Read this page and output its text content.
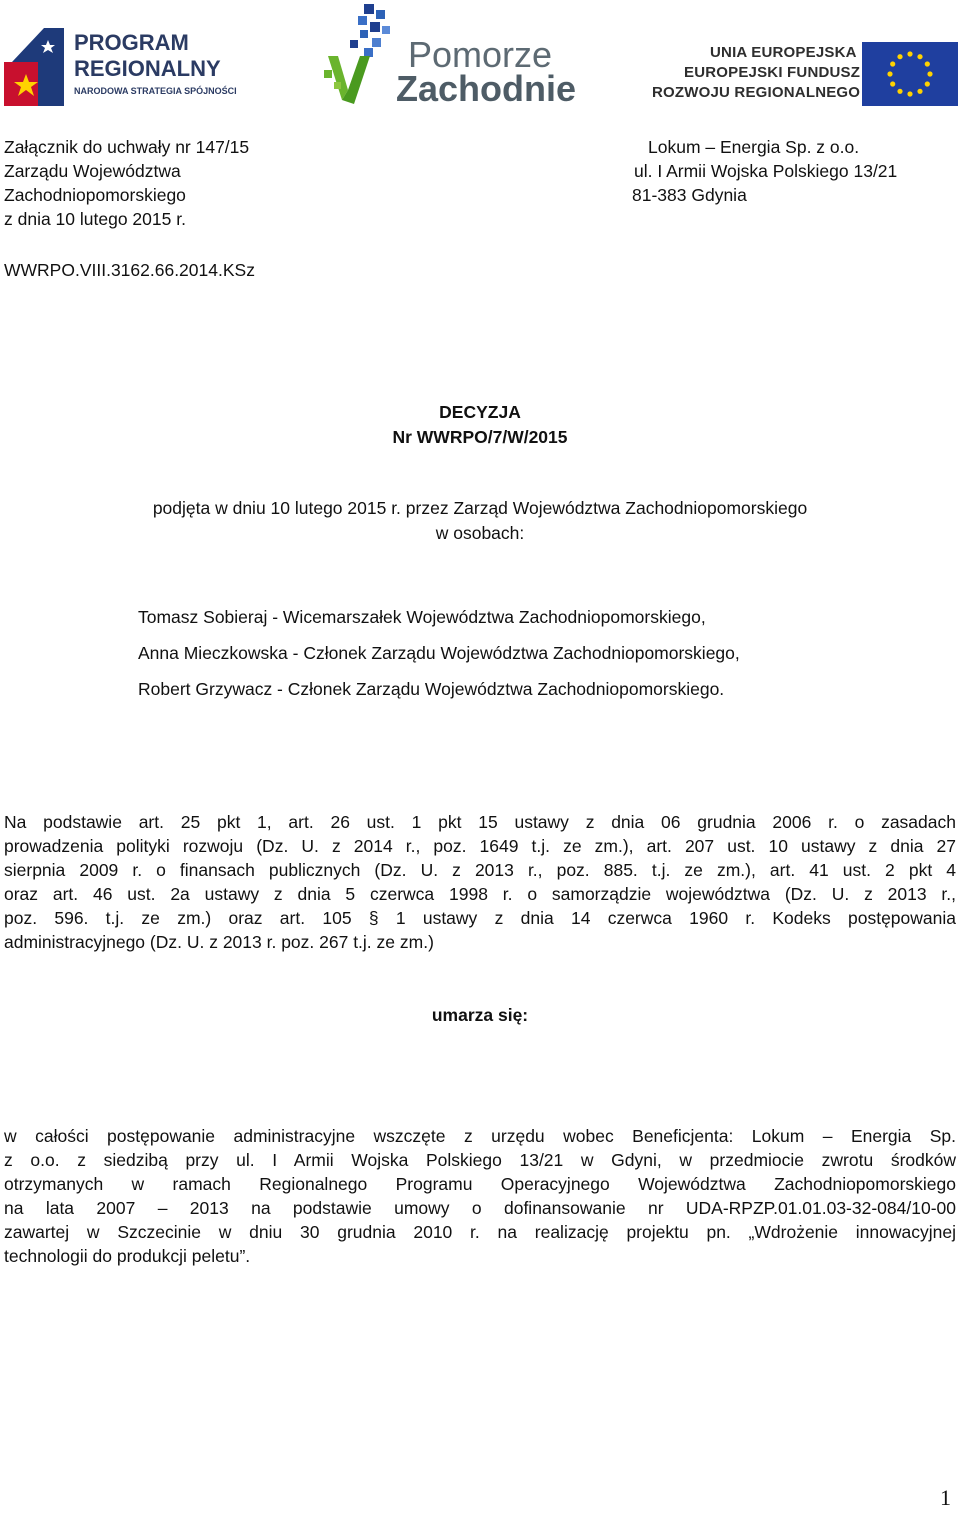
PROGRAM
REGIONALNY
NARODOWA STRATEGIA SPÓJNOŚCI
Pomorze
Zachodnie
UNIA EUROPEJSKA
EUROPEJSKI FUNDUSZ
ROZWOJU REGIONALNEGO
Załącznik do uchwały nr 147/15
Zarządu Województwa
Zachodniopomorskiego
z dnia 10 lutego 2015 r.
Lokum – Energia Sp. z o.o.
ul. I Armii Wojska Polskiego 13/21
81-383 Gdynia
WWRPO.VIII.3162.66.2014.KSz
DECYZJA
Nr WWRPO/7/W/2015
podjęta w dniu 10 lutego 2015 r. przez Zarząd Województwa Zachodniopomorskiego
w osobach:
Tomasz Sobieraj - Wicemarszałek Województwa Zachodniopomorskiego,
Anna Mieczkowska - Członek Zarządu Województwa Zachodniopomorskiego,
Robert Grzywacz - Członek Zarządu Województwa Zachodniopomorskiego.
Na podstawie art. 25 pkt 1, art. 26 ust. 1 pkt 15 ustawy z dnia 06 grudnia 2006 r. o zasadach
prowadzenia polityki rozwoju (Dz. U. z 2014 r., poz. 1649 t.j. ze zm.), art. 207 ust. 10 ustawy z dnia 27
sierpnia 2009 r. o finansach publicznych (Dz. U. z 2013 r., poz. 885. t.j. ze zm.), art. 41 ust. 2 pkt 4
oraz art. 46 ust. 2a ustawy z dnia 5 czerwca 1998 r. o samorządzie województwa (Dz. U. z 2013 r.,
poz. 596. t.j. ze zm.) oraz art. 105 § 1 ustawy z dnia 14 czerwca 1960 r. Kodeks postępowania
administracyjnego (Dz. U. z 2013 r. poz. 267 t.j. ze zm.)
umarza się:
w całości postępowanie administracyjne wszczęte z urzędu wobec Beneficjenta: Lokum – Energia Sp.
z o.o. z siedzibą przy ul. I Armii Wojska Polskiego 13/21 w Gdyni, w przedmiocie zwrotu środków
otrzymanych w ramach Regionalnego Programu Operacyjnego Województwa Zachodniopomorskiego
na lata 2007 – 2013 na podstawie umowy o dofinansowanie nr UDA-RPZP.01.01.03-32-084/10-00
zawartej w Szczecinie w dniu 30 grudnia 2010 r. na realizację projektu pn. „Wdrożenie innowacyjnej
technologii do produkcji peletu”.
1
